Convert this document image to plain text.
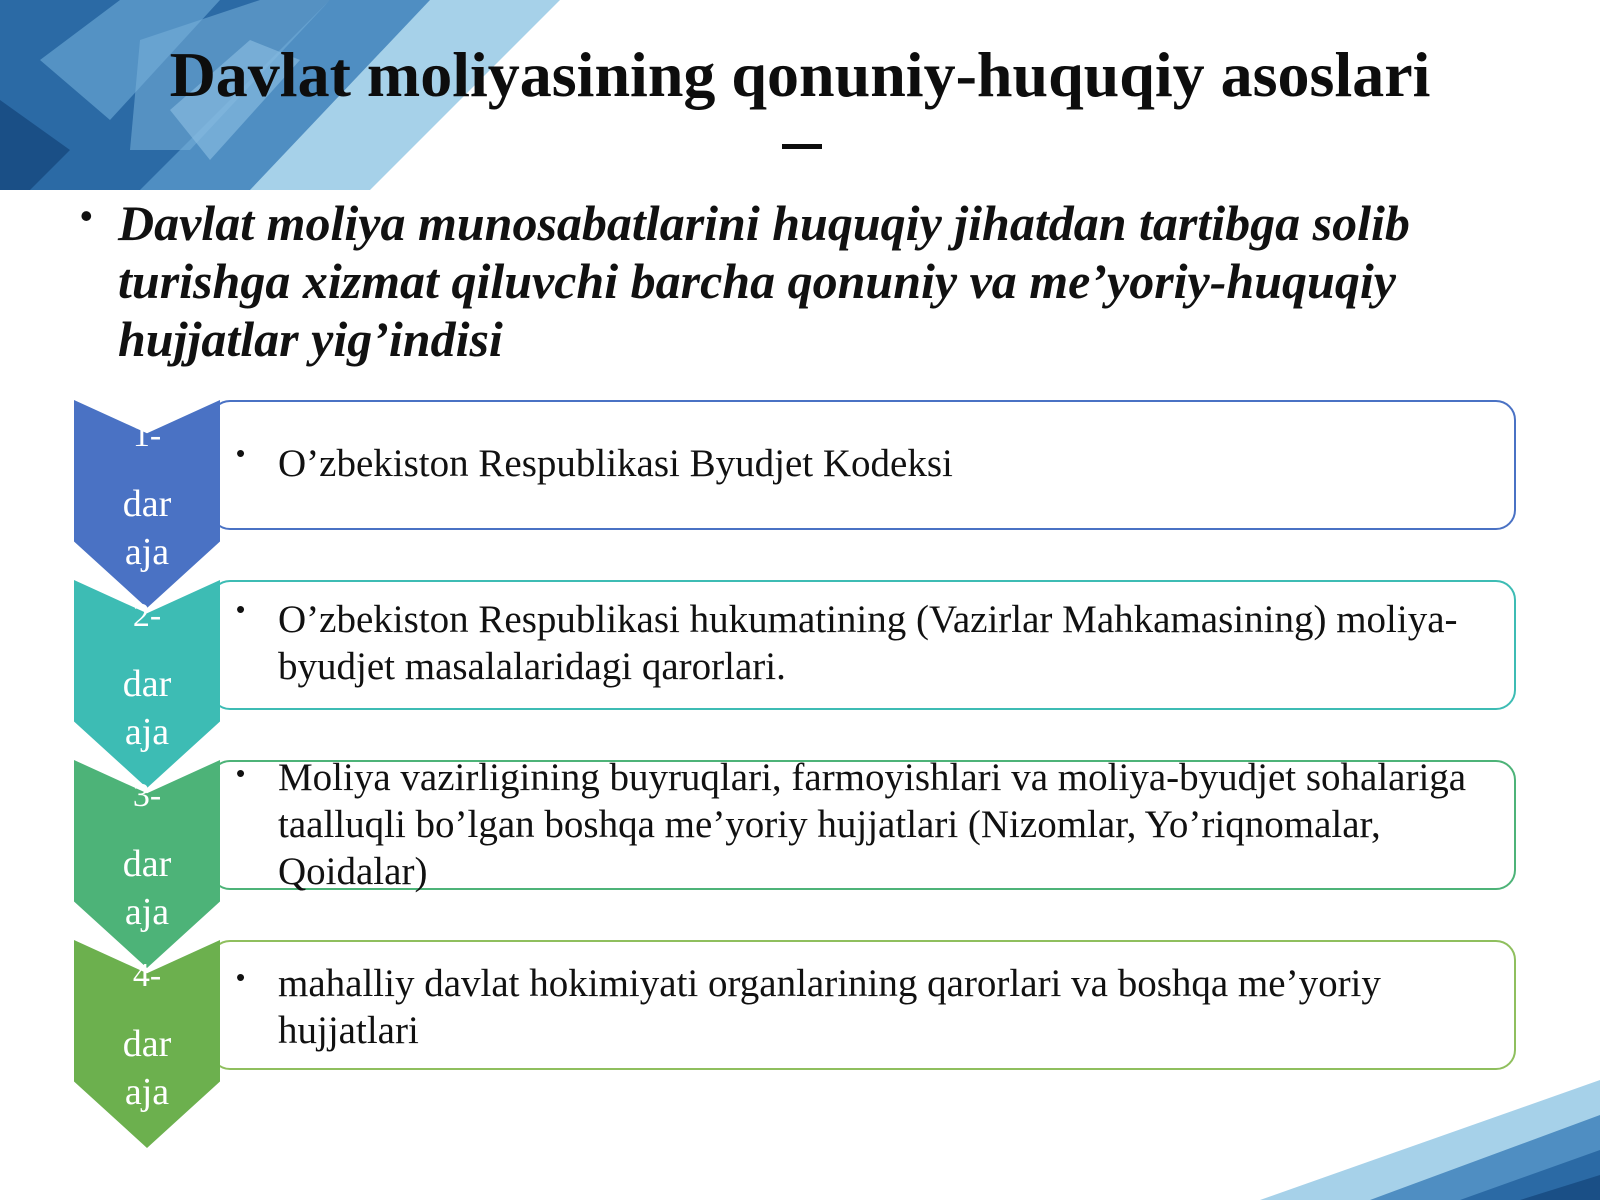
Davlat moliyasining qonuniy-huquqiy asoslari
• Davlat moliya munosabatlarini huquqiy jihatdan tartibga solib turishga xizmat qiluvchi barcha qonuniy va me’yoriy-huquqiy hujjatlar yig’indisi

1-
dar
aja
• O’zbekiston Respublikasi Byudjet Kodeksi

2-
dar
aja
• O’zbekiston Respublikasi hukumatining (Vazirlar Mahkamasining) moliya-byudjet masalalaridagi qarorlari.

3-
dar
aja
• Moliya vazirligining buyruqlari, farmoyishlari va moliya-byudjet sohalariga taalluqli bo’lgan boshqa me’yoriy hujjatlari (Nizomlar, Yo’riqnomalar, Qoidalar)

4-
dar
aja
• mahalliy davlat hokimiyati organlarining qarorlari va boshqa me’yoriy hujjatlari
